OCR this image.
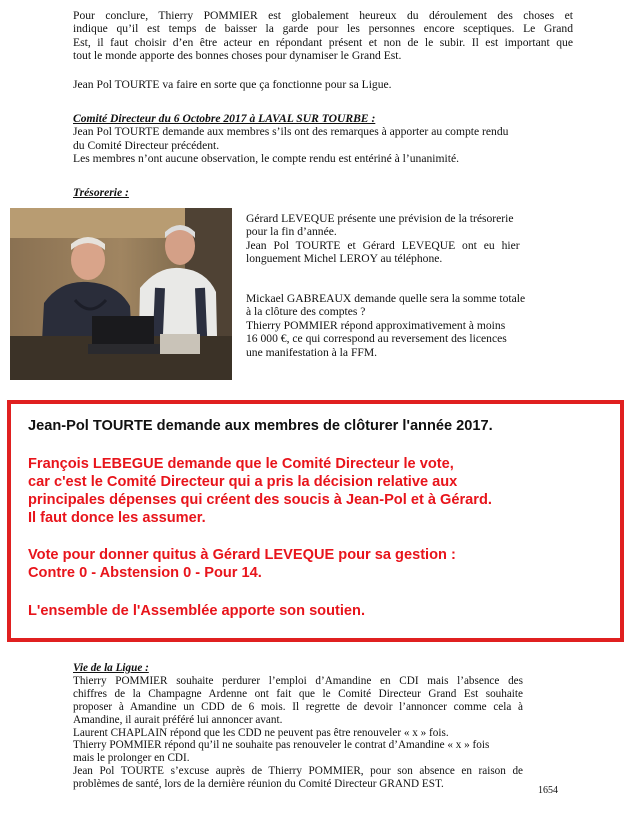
Pour conclure, Thierry POMMIER est globalement heureux du déroulement des choses et

indique qu’il est temps de baisser la garde pour les personnes encore sceptiques. Le Grand

Est, il faut choisir d’en être acteur en répondant présent et non de le subir. Il est important que

tout le monde apporte des bonnes choses pour dynamiser le Grand Est.

Jean Pol TOURTE va faire en sorte que ça fonctionne pour sa Ligue.

Comité Directeur du 6 Octobre 2017 à LAVAL SUR TOURBE :

Jean Pol TOURTE demande aux membres s’ils ont des remarques à apporter au compte rendu

du Comité Directeur précédent.

Les membres n’ont aucune observation, le compte rendu est entériné à l’unanimité.

Trésorerie :

Gérard LEVEQUE présente une prévision de la trésorerie

pour la fin d’année.

Jean Pol TOURTE et Gérard LEVEQUE ont eu hier

longuement Michel LEROY au téléphone.

Mickael GABREAUX demande quelle sera la somme totale

à la clôture des comptes ?

Thierry POMMIER répond approximativement à moins

16 000 €, ce qui correspond au reversement des licences

une manifestation à la FFM.

Jean-Pol TOURTE demande aux membres de clôturer l'année 2017.
François LEBEGUE demande que le Comité Directeur le vote,
car c'est le Comité Directeur qui a pris la décision relative aux
principales dépenses qui créent des soucis à Jean-Pol et à Gérard.
Il faut donce les assumer.
Vote pour donner quitus à Gérard LEVEQUE pour sa gestion :
Contre 0 - Abstension 0 - Pour 14.
L'ensemble de l'Assemblée apporte son soutien.

Vie de la Ligue :

Thierry POMMIER souhaite perdurer l’emploi d’Amandine en CDI mais l’absence des

chiffres de la Champagne Ardenne ont fait que le Comité Directeur Grand Est souhaite

proposer à Amandine un CDD de 6 mois. Il regrette de devoir l’annoncer comme cela à

Amandine, il aurait préféré lui annoncer avant.

Laurent CHAPLAIN répond que les CDD ne peuvent pas être renouveler « x » fois.

Thierry POMMIER répond qu’il ne souhaite pas renouveler le contrat d’Amandine « x » fois

mais le prolonger en CDI.

Jean Pol TOURTE s’excuse auprès de Thierry POMMIER, pour son absence en raison de

problèmes de santé, lors de la dernière réunion du Comité Directeur GRAND EST.

1654
